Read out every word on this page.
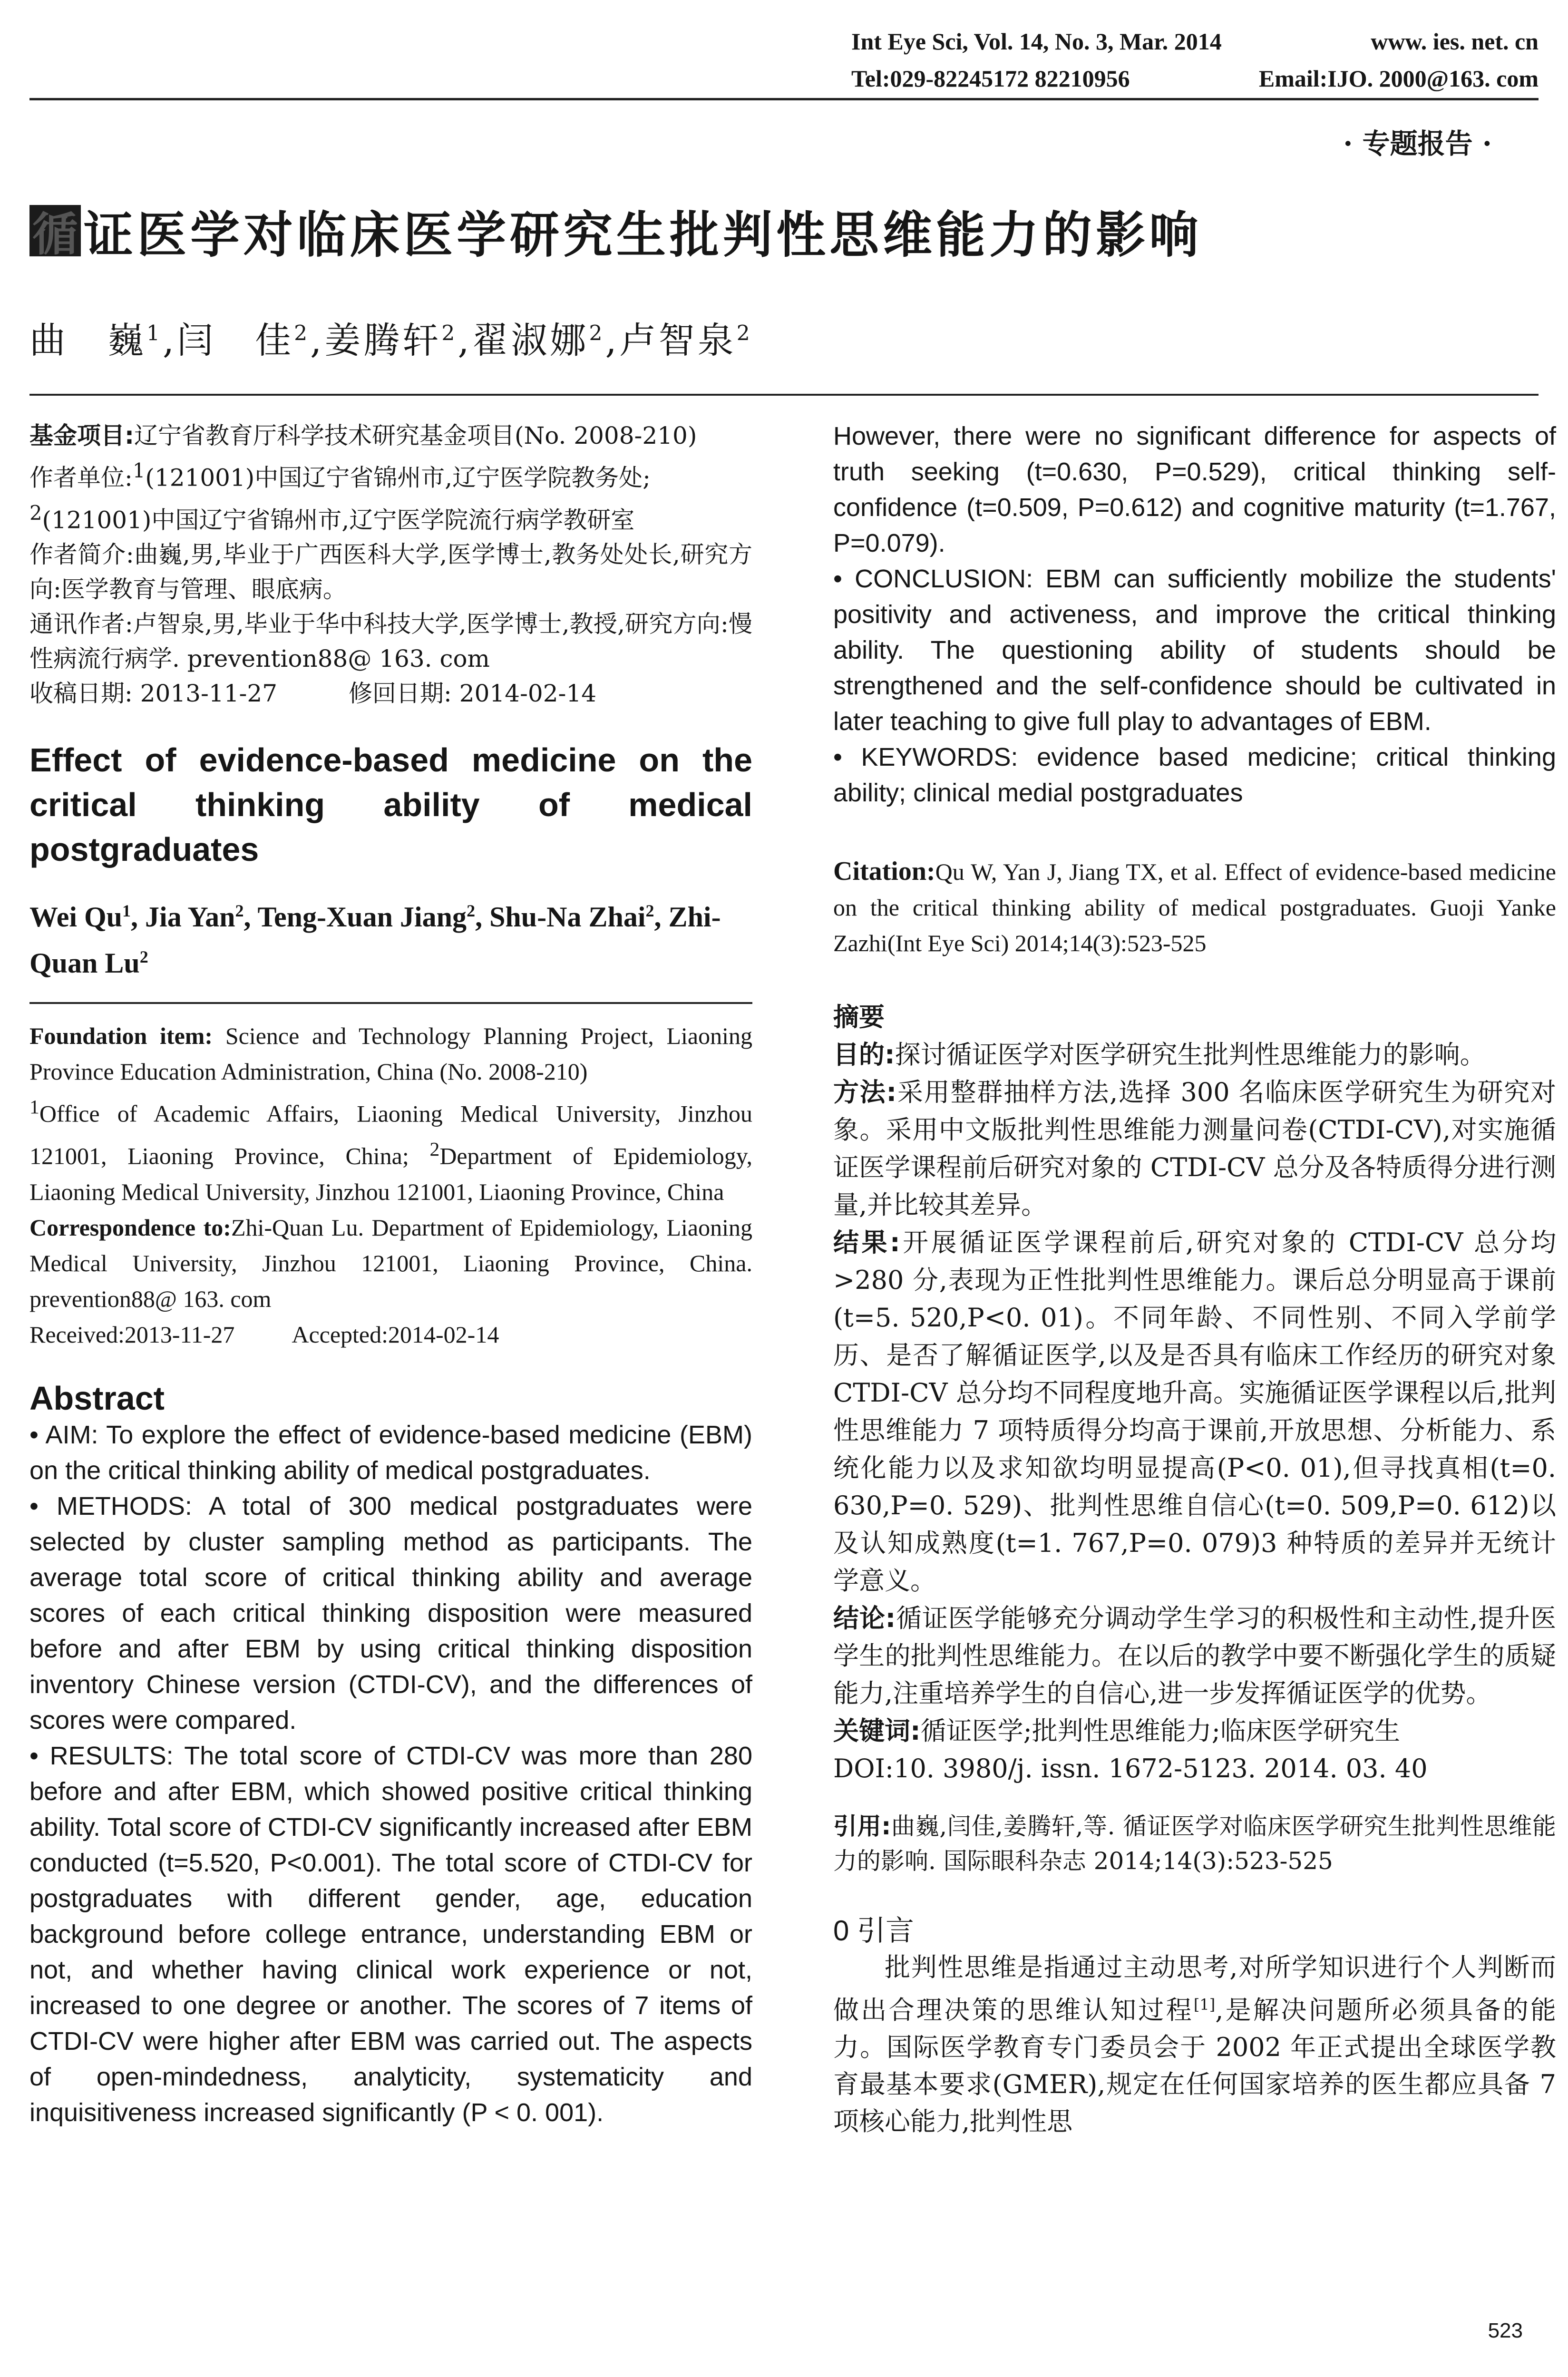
Int Eye Sci, Vol. 14, No. 3, Mar. 2014	www. ies. net. cn
Tel:029-82245172 82210956	Email:IJO. 2000@163. com
· 专题报告 ·
循 证医学对临床医学研究生批判性思维能力的影响
曲　巍$^1$,闫　佳$^2$,姜腾轩$^2$,翟淑娜$^2$,卢智泉$^2$
基金项目:辽宁省教育厅科学技术研究基金项目(No. 2008-210)
作者单位:$^1$(121001)中国辽宁省锦州市,辽宁医学院教务处;
$^2$(121001)中国辽宁省锦州市,辽宁医学院流行病学教研室
作者简介:曲巍,男,毕业于广西医科大学,医学博士,教务处处长,研究方向:医学教育与管理、眼底病。
通讯作者:卢智泉,男,毕业于华中科技大学,医学博士,教授,研究方向:慢性病流行病学. prevention88@ 163. com
收稿日期: 2013-11-27	修回日期: 2014-02-14
Effect of evidence-based medicine on the critical thinking ability of medical postgraduates
Wei Qu$^1$, Jia Yan$^2$, Teng-Xuan Jiang$^2$, Shu-Na Zhai$^2$, Zhi-Quan Lu$^2$
Foundation item: Science and Technology Planning Project, Liaoning Province Education Administration, China (No. 2008-210)
$^1$Office of Academic Affairs, Liaoning Medical University, Jinzhou 121001, Liaoning Province, China; $^2$Department of Epidemiology, Liaoning Medical University, Jinzhou 121001, Liaoning Province, China
Correspondence to:Zhi-Quan Lu. Department of Epidemiology, Liaoning Medical University, Jinzhou 121001, Liaoning Province, China. prevention88@ 163. com
Received:2013-11-27 Accepted:2014-02-14
Abstract

• AIM: To explore the effect of evidence-based medicine (EBM) on the critical thinking ability of medical postgraduates.

• METHODS: A total of 300 medical postgraduates were selected by cluster sampling method as participants. The average total score of critical thinking ability and average scores of each critical thinking disposition were measured before and after EBM by using critical thinking disposition inventory Chinese version (CTDI-CV), and the differences of scores were compared.

• RESULTS: The total score of CTDI-CV was more than 280 before and after EBM, which showed positive critical thinking ability. Total score of CTDI-CV significantly increased after EBM conducted (t=5.520, P<0.001). The total score of CTDI-CV for postgraduates with different gender, age, education background before college entrance, understanding EBM or not, and whether having clinical work experience or not, increased to one degree or another. The scores of 7 items of CTDI-CV were higher after EBM was carried out. The aspects of open-mindedness, analyticity, systematicity and inquisitiveness increased significantly (P < 0. 001).

However, there were no significant difference for aspects of truth seeking (t=0.630, P=0.529), critical thinking self-confidence (t=0.509, P=0.612) and cognitive maturity (t=1.767, P=0.079).

• CONCLUSION: EBM can sufficiently mobilize the students' positivity and activeness, and improve the critical thinking ability. The questioning ability of students should be strengthened and the self-confidence should be cultivated in later teaching to give full play to advantages of EBM.

• KEYWORDS: evidence based medicine; critical thinking ability; clinical medial postgraduates

Citation:Qu W, Yan J, Jiang TX, et al. Effect of evidence-based medicine on the critical thinking ability of medical postgraduates. Guoji Yanke Zazhi(Int Eye Sci) 2014;14(3):523-525
摘要
目的:探讨循证医学对医学研究生批判性思维能力的影响。
方法:采用整群抽样方法,选择 300 名临床医学研究生为研究对象。采用中文版批判性思维能力测量问卷(CTDI-CV),对实施循证医学课程前后研究对象的 CTDI-CV 总分及各特质得分进行测量,并比较其差异。
结果:开展循证医学课程前后,研究对象的 CTDI-CV 总分均>280 分,表现为正性批判性思维能力。课后总分明显高于课前(t=5. 520,P<0. 01)。不同年龄、不同性别、不同入学前学历、是否了解循证医学,以及是否具有临床工作经历的研究对象 CTDI-CV 总分均不同程度地升高。实施循证医学课程以后,批判性思维能力 7 项特质得分均高于课前,开放思想、分析能力、系统化能力以及求知欲均明显提高(P<0. 01),但寻找真相(t=0. 630,P=0. 529)、批判性思维自信心(t=0. 509,P=0. 612)以及认知成熟度(t=1. 767,P=0. 079)3 种特质的差异并无统计学意义。
结论:循证医学能够充分调动学生学习的积极性和主动性,提升医学生的批判性思维能力。在以后的教学中要不断强化学生的质疑能力,注重培养学生的自信心,进一步发挥循证医学的优势。
关键词:循证医学;批判性思维能力;临床医学研究生
DOI:10. 3980/j. issn. 1672-5123. 2014. 03. 40
引用:曲巍,闫佳,姜腾轩,等. 循证医学对临床医学研究生批判性思维能力的影响. 国际眼科杂志 2014;14(3):523-525
0 引言
批判性思维是指通过主动思考,对所学知识进行个人判断而做出合理决策的思维认知过程[1],是解决问题所必须具备的能力。国际医学教育专门委员会于 2002 年正式提出全球医学教育最基本要求(GMER),规定在任何国家培养的医生都应具备 7 项核心能力,批判性思
523
